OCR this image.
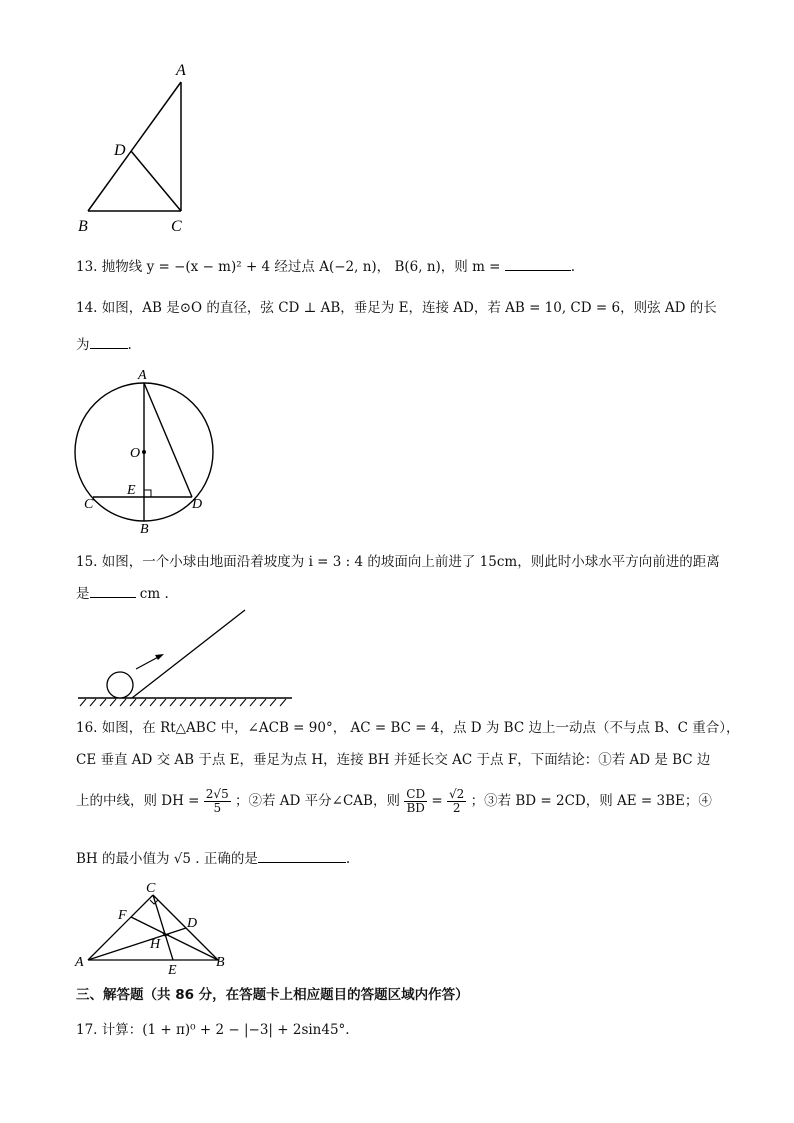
A
D
B	C
13. 抛物线 y = −(x − m)² + 4 经过点 A(−2, n)， B(6, n)，则 m =	.
14. 如图，AB 是⊙O 的直径，弦 CD ⊥ AB，垂足为 E，连接 AD，若 AB = 10, CD = 6，则弦 AD 的长
为	.
A
O
E
C	D
B
15. 如图，一个小球由地面沿着坡度为 i = 3 : 4 的坡面向上前进了 15cm，则此时小球水平方向前进的距离
是	cm .
16. 如图，在 Rt△ABC 中，∠ACB = 90°， AC = BC = 4，点 D 为 BC 边上一动点（不与点 B、C 重合），
CE 垂直 AD 交 AB 于点 E，垂足为点 H，连接 BH 并延长交 AC 于点 F，下面结论：①若 AD 是 BC 边
上的中线，则 DH = $\frac{2√5}{5}$ ；②若 AD 平分∠CAB，则 $\frac{CD}{BD} = \frac{√2}{2}$ ；③若 BD = 2CD，则 AE = 3BE；④
BH 的最小值为 √5 . 正确的是	.
C
F
D
H
A	B
E
三、解答题（共 86 分，在答题卡上相应题目的答题区域内作答）
17. 计算：(1 + π)⁰ + 2 − |−3| + 2sin45°.
